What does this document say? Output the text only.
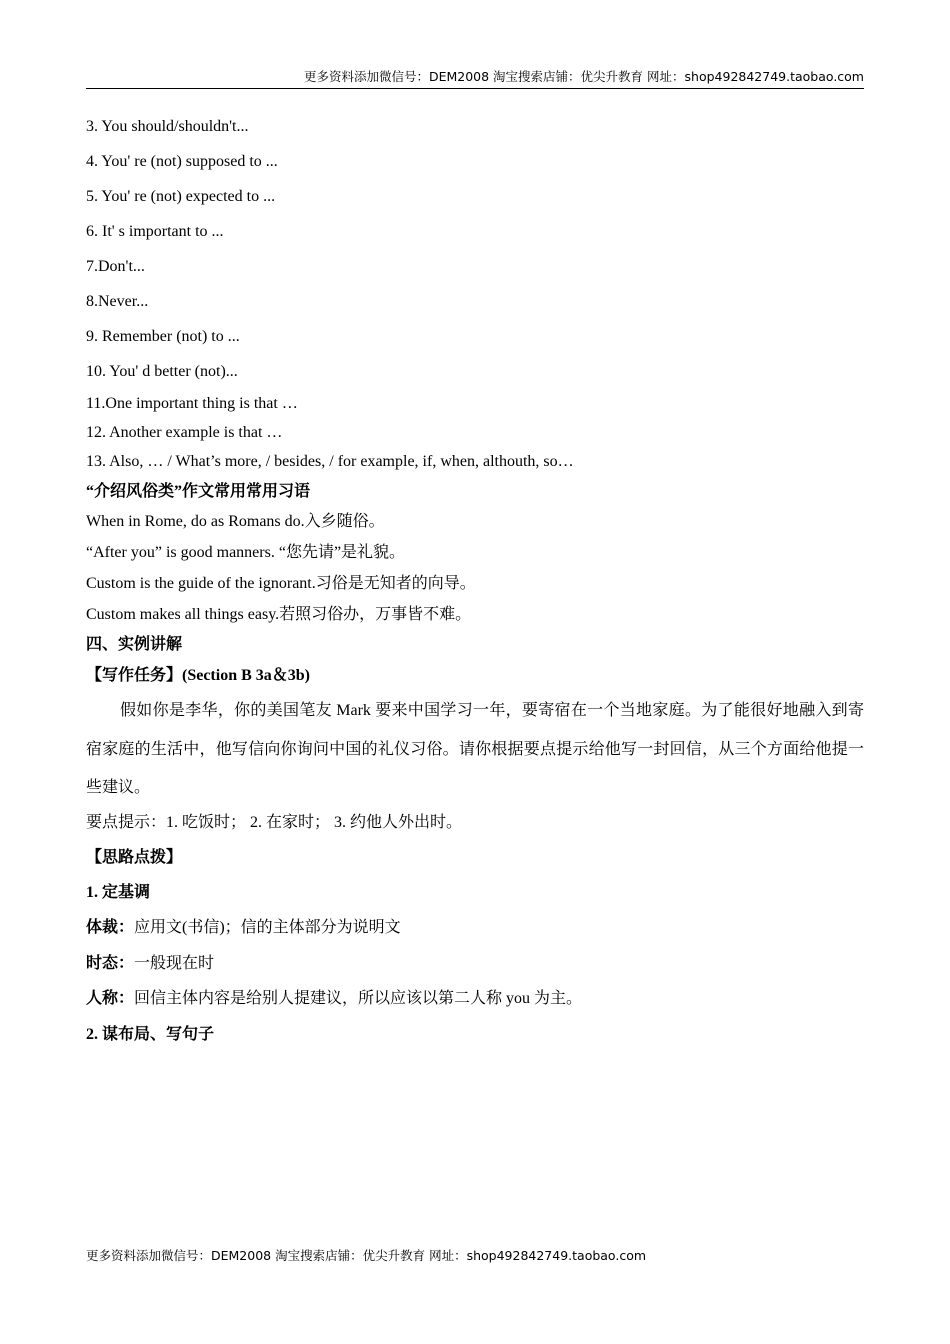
更多资料添加微信号：DEM2008 淘宝搜索店铺：优尖升教育 网址：shop492842749.taobao.com
3. You should/shouldn't...
4. You' re (not) supposed to ...
5. You' re (not) expected to ...
6. It' s important to ...
7.Don't...
8.Never...
9. Remember (not) to ...
10. You' d better (not)...
11.One important thing is that …
12. Another example is that …
13. Also, … / What’s more, / besides, / for example, if, when, althouth, so…
“介绍风俗类”作文常用常用习语
When in Rome, do as Romans do.入乡随俗。
“After you” is good manners. “您先请”是礼貌。
Custom is the guide of the ignorant.习俗是无知者的向导。
Custom makes all things easy.若照习俗办，万事皆不难。
四、实例讲解
【写作任务】(Section B 3a＆3b)
假如你是李华，你的美国笔友 Mark 要来中国学习一年，要寄宿在一个当地家庭。为了能很好地融入到寄宿家庭的生活中，他写信向你询问中国的礼仪习俗。请你根据要点提示给他写一封回信，从三个方面给他提一些建议。
要点提示：1. 吃饭时； 2. 在家时； 3. 约他人外出时。
【思路点拨】
1. 定基调
体裁：应用文(书信)；信的主体部分为说明文
时态：一般现在时
人称：回信主体内容是给别人提建议，所以应该以第二人称 you 为主。
2. 谋布局、写句子
更多资料添加微信号：DEM2008 淘宝搜索店铺：优尖升教育 网址：shop492842749.taobao.com
